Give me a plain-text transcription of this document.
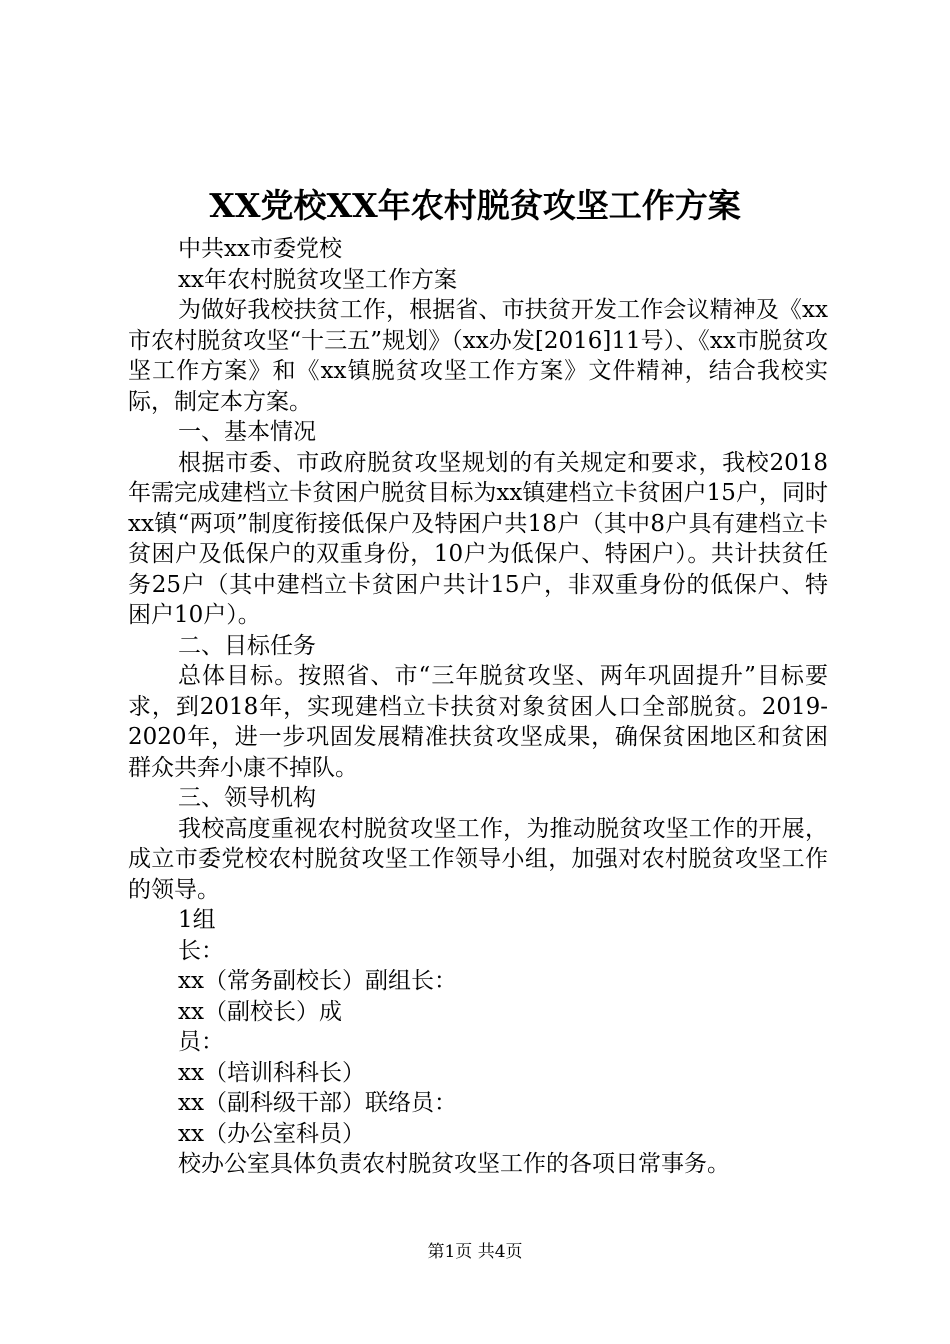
XX党校XX年农村脱贫攻坚工作方案

中共xx市委党校

xx年农村脱贫攻坚工作方案

为做好我校扶贫工作，根据省、市扶贫开发工作会议精神及《xx市农村脱贫攻坚“十三五”规划》（xx办发[2016]11号）、《xx市脱贫攻坚工作方案》和《xx镇脱贫攻坚工作方案》文件精神，结合我校实际，制定本方案。

一、基本情况

根据市委、市政府脱贫攻坚规划的有关规定和要求，我校2018年需完成建档立卡贫困户脱贫目标为xx镇建档立卡贫困户15户，同时xx镇“两项”制度衔接低保户及特困户共18户（其中8户具有建档立卡贫困户及低保户的双重身份，10户为低保户、特困户）。共计扶贫任务25户（其中建档立卡贫困户共计15户，非双重身份的低保户、特困户10户）。

二、目标任务

总体目标。按照省、市“三年脱贫攻坚、两年巩固提升”目标要求，到2018年，实现建档立卡扶贫对象贫困人口全部脱贫。2019-2020年，进一步巩固发展精准扶贫攻坚成果，确保贫困地区和贫困群众共奔小康不掉队。

三、领导机构

我校高度重视农村脱贫攻坚工作，为推动脱贫攻坚工作的开展，成立市委党校农村脱贫攻坚工作领导小组，加强对农村脱贫攻坚工作的领导。

1组

长：

xx（常务副校长）副组长：

xx（副校长）成

员：

xx（培训科科长）

xx（副科级干部）联络员：

xx（办公室科员）

校办公室具体负责农村脱贫攻坚工作的各项日常事务。

第1页 共4页
